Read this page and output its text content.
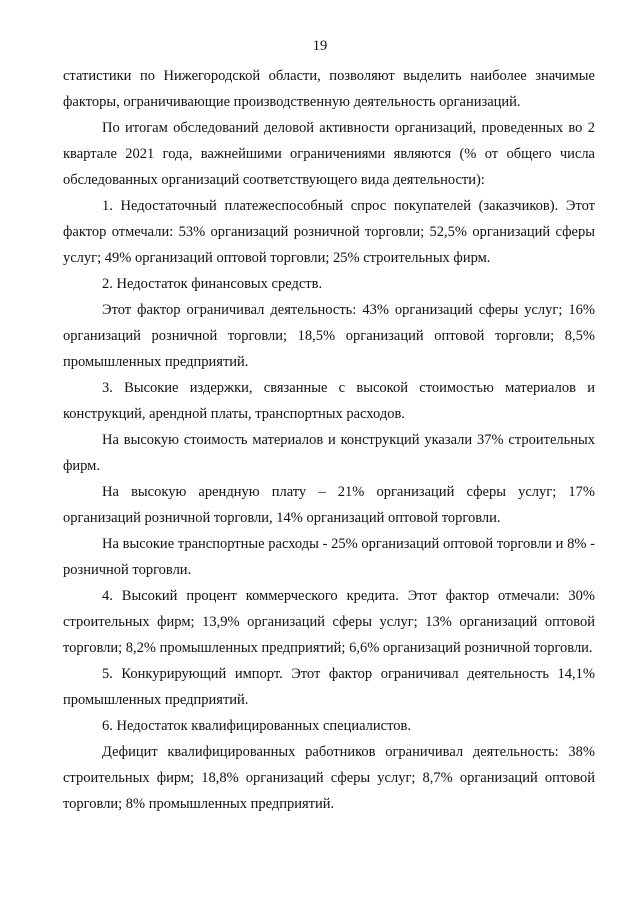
19

статистики по Нижегородской области, позволяют выделить наиболее значимые факторы, ограничивающие производственную деятельность организаций.

По итогам обследований деловой активности организаций, проведенных во 2 квартале 2021 года, важнейшими ограничениями являются (% от общего числа обследованных организаций соответствующего вида деятельности):

1. Недостаточный платежеспособный спрос покупателей (заказчиков). Этот фактор отмечали: 53% организаций розничной торговли; 52,5% организаций сферы услуг; 49% организаций оптовой торговли; 25% строительных фирм.

2. Недостаток финансовых средств.

Этот фактор ограничивал деятельность: 43% организаций сферы услуг; 16% организаций розничной торговли; 18,5% организаций оптовой торговли; 8,5% промышленных предприятий.

3. Высокие издержки, связанные с высокой стоимостью материалов и конструкций, арендной платы, транспортных расходов.

На высокую стоимость материалов и конструкций указали 37% строительных фирм.

На высокую арендную плату – 21% организаций сферы услуг; 17% организаций розничной торговли, 14% организаций оптовой торговли.

На высокие транспортные расходы - 25% организаций оптовой торговли и 8% - розничной торговли.

4. Высокий процент коммерческого кредита. Этот фактор отмечали: 30% строительных фирм; 13,9% организаций сферы услуг; 13% организаций оптовой торговли; 8,2% промышленных предприятий; 6,6% организаций розничной торговли.

5. Конкурирующий импорт. Этот фактор ограничивал деятельность 14,1% промышленных предприятий.

6. Недостаток квалифицированных специалистов.

Дефицит квалифицированных работников ограничивал деятельность: 38% строительных фирм; 18,8% организаций сферы услуг; 8,7% организаций оптовой торговли; 8% промышленных предприятий.
